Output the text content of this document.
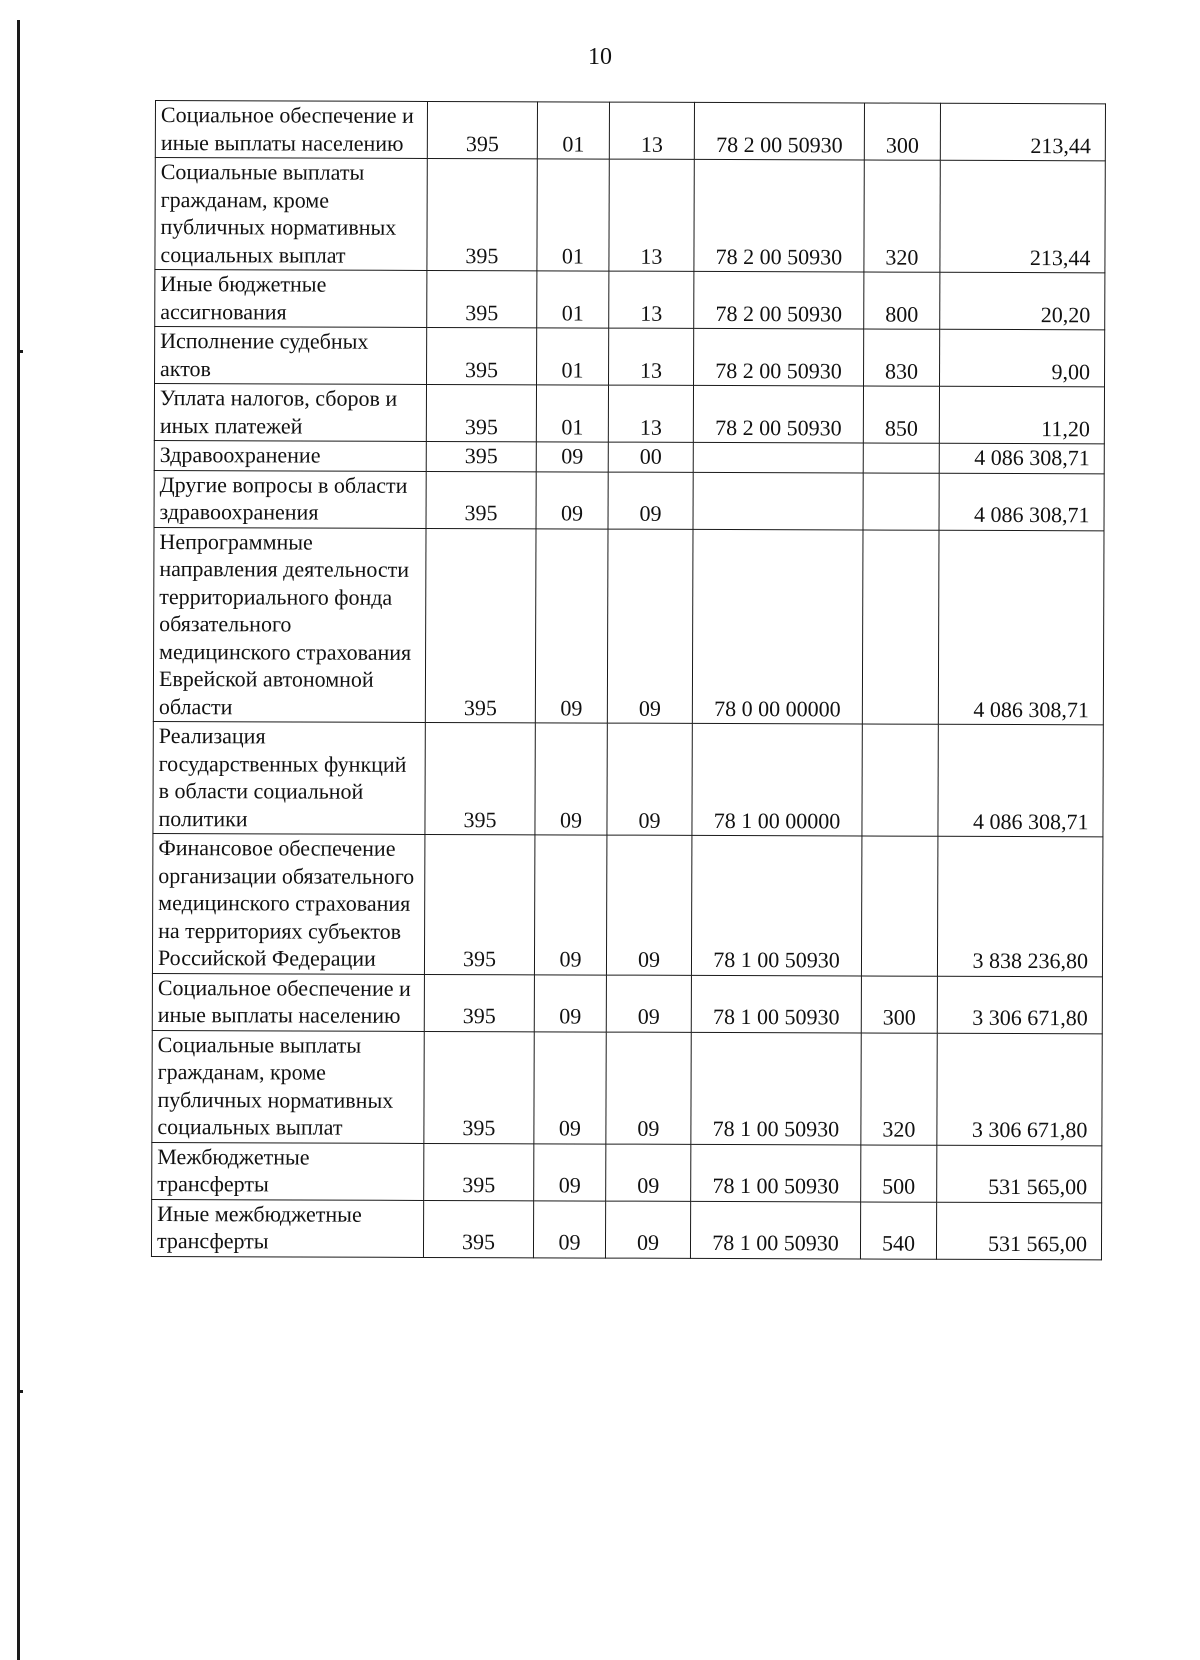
10
Социальное обеспечение и иные выплаты населению	395	01	13	78 2 00 50930	300	213,44
Социальные выплаты гражданам, кроме публичных нормативных социальных выплат	395	01	13	78 2 00 50930	320	213,44
Иные бюджетные ассигнования	395	01	13	78 2 00 50930	800	20,20
Исполнение судебных актов	395	01	13	78 2 00 50930	830	9,00
Уплата налогов, сборов и иных платежей	395	01	13	78 2 00 50930	850	11,20
Здравоохранение	395	09	00			4 086 308,71
Другие вопросы в области здравоохранения	395	09	09			4 086 308,71
Непрограммные направления деятельности территориального фонда обязательного медицинского страхования Еврейской автономной области	395	09	09	78 0 00 00000		4 086 308,71
Реализация государственных функций в области социальной политики	395	09	09	78 1 00 00000		4 086 308,71
Финансовое обеспечение организации обязательного медицинского страхования на территориях субъектов Российской Федерации	395	09	09	78 1 00 50930		3 838 236,80
Социальное обеспечение и иные выплаты населению	395	09	09	78 1 00 50930	300	3 306 671,80
Социальные выплаты гражданам, кроме публичных нормативных социальных выплат	395	09	09	78 1 00 50930	320	3 306 671,80
Межбюджетные трансферты	395	09	09	78 1 00 50930	500	531 565,00
Иные межбюджетные трансферты	395	09	09	78 1 00 50930	540	531 565,00
